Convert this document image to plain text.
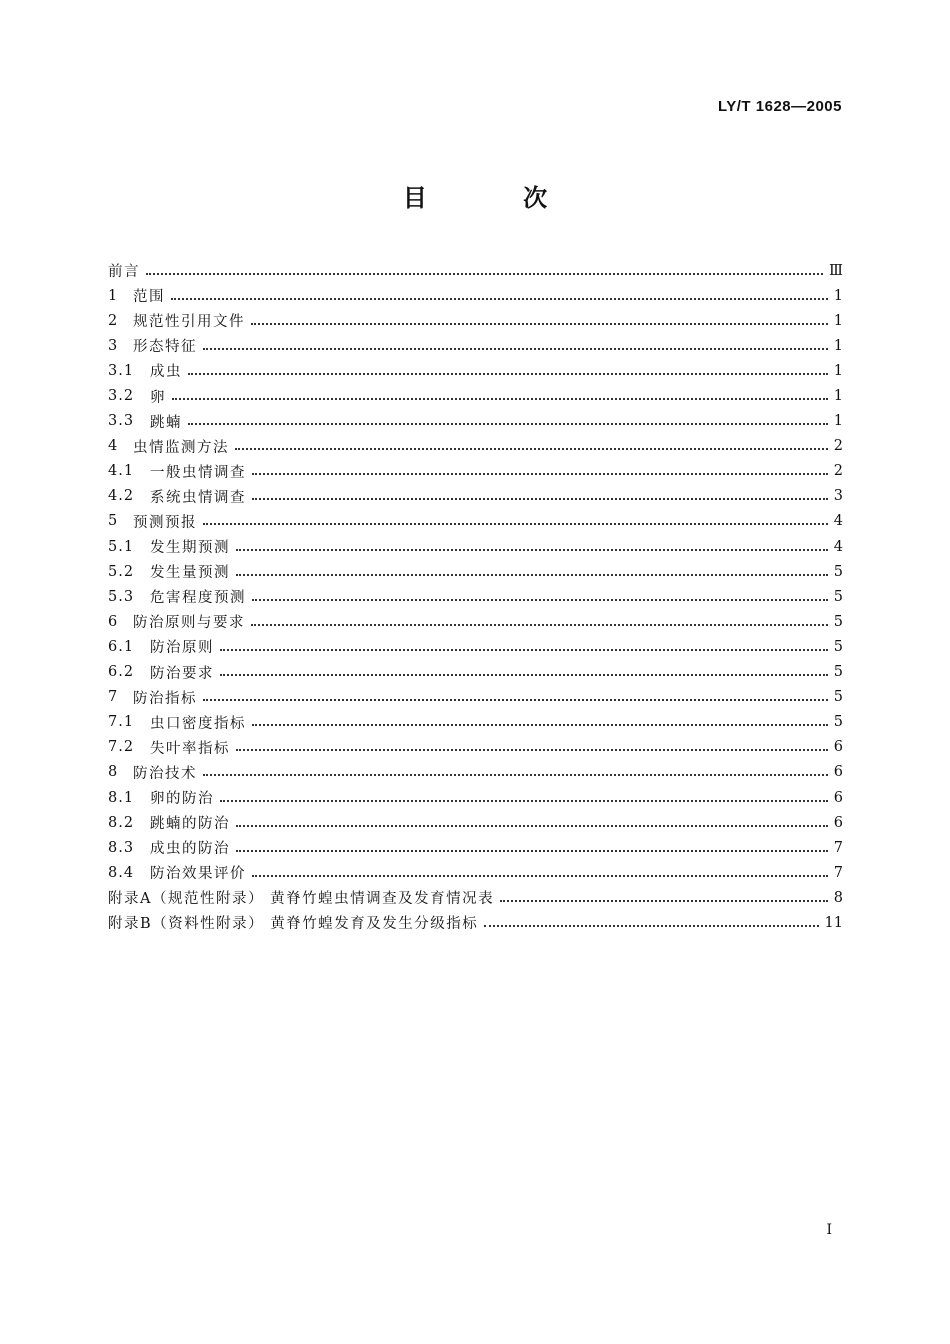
LY/T 1628—2005
目 次
前言	Ⅲ
1	范围	1
2	规范性引用文件	1
3	形态特征	1
3.1	成虫	1
3.2	卵	1
3.3	跳蝻	1
4	虫情监测方法	2
4.1	一般虫情调查	2
4.2	系统虫情调查	3
5	预测预报	4
5.1	发生期预测	4
5.2	发生量预测	5
5.3	危害程度预测	5
6	防治原则与要求	5
6.1	防治原则	5
6.2	防治要求	5
7	防治指标	5
7.1	虫口密度指标	5
7.2	失叶率指标	6
8	防治技术	6
8.1	卵的防治	6
8.2	跳蝻的防治	6
8.3	成虫的防治	7
8.4	防治效果评价	7
附录A（规范性附录） 黄脊竹蝗虫情调查及发育情况表	8
附录B（资料性附录） 黄脊竹蝗发育及发生分级指标	11
I
